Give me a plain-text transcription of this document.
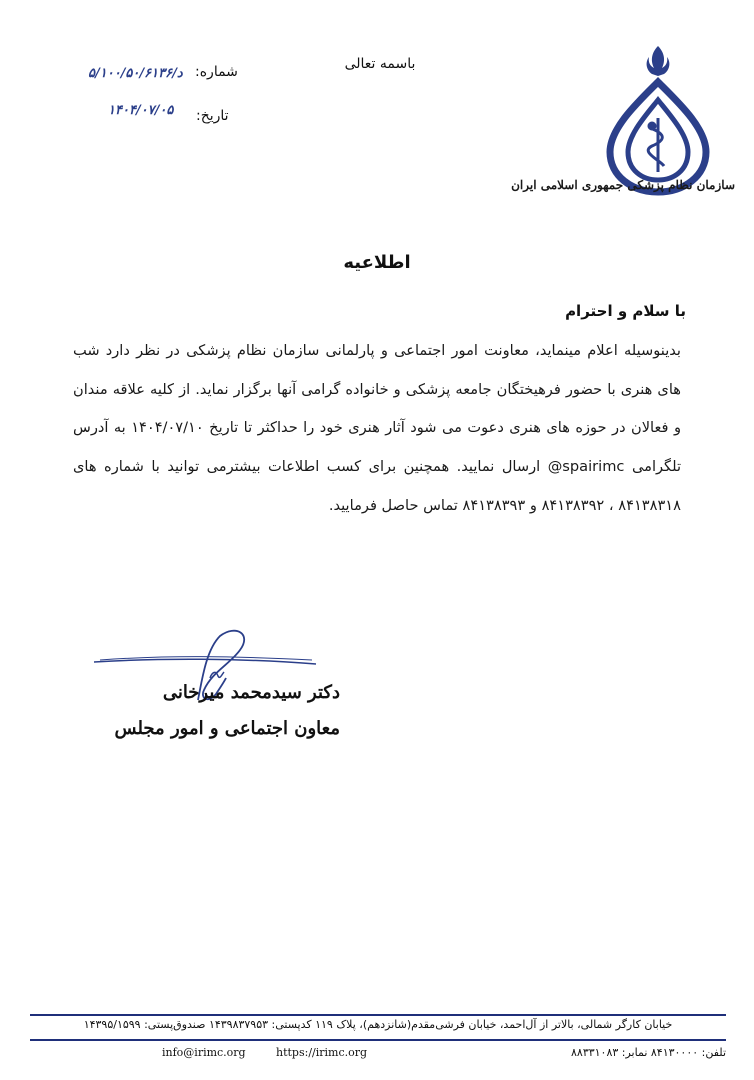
سازمان نظام پزشکی جمهوری اسلامی ایران
باسمه تعالی
شماره:
۵/۱۰۰/۵۰/۶۱۳۶/د
تاریخ:
۱۴۰۴/۰۷/۰۵
اطلاعیه
با سلام و احترام
بدینوسیله اعلام مینماید، معاونت امور اجتماعی و پارلمانی سازمان نظام پزشکی در نظر دارد شب های هنری با حضور فرهیختگان جامعه پزشکی و خانواده گرامی آنها برگزار نماید. از کلیه علاقه مندان و فعالان در حوزه های هنری دعوت می شود آثار هنری خود را حداکثر تا تاریخ ۱۴۰۴/۰۷/۱۰ به آدرس تلگرامی spairimc@ ارسال نمایید. همچنین برای کسب اطلاعات بیشترمی توانید با شماره های ۸۴۱۳۸۳۱۸ ، ۸۴۱۳۸۳۹۲ و ۸۴۱۳۸۳۹۳ تماس حاصل فرمایید.
دکتر سیدمحمد میرخانی
معاون اجتماعی و امور مجلس
خیابان کارگر شمالی، بالاتر از آل‌احمد، خیابان فرشی‌مقدم(شانزدهم)، پلاک ۱۱۹ کدپستی: ۱۴۳۹۸۳۷۹۵۳ صندوق‌پستی: ۱۴۳۹۵/۱۵۹۹
info@irimc.org	https://irimc.org	تلفن: ۸۴۱۳۰۰۰۰ نمابر: ۸۸۳۳۱۰۸۳
